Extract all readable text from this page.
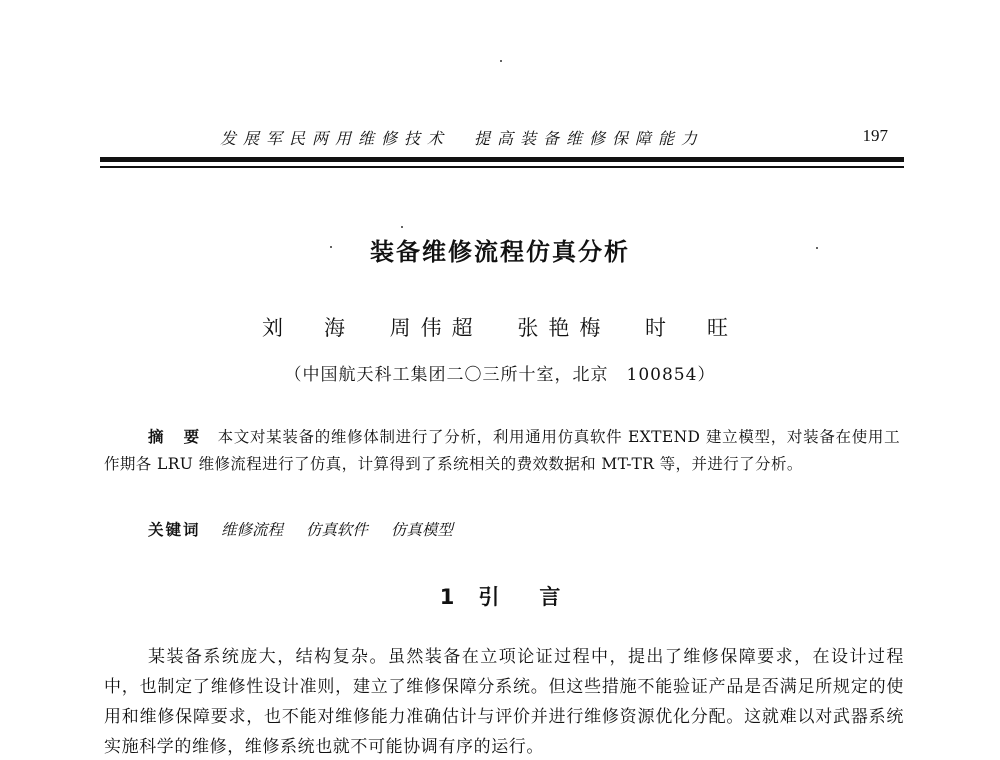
发展军民两用维修技术 提高装备维修保障能力	197
装备维修流程仿真分析
刘　海 周伟超 张艳梅 时　旺
（中国航天科工集团二〇三所十室，北京　100854）
摘　要　 本文对某装备的维修体制进行了分析，利用通用仿真软件 EXTEND 建立模型，对装备在使用工作期各 LRU 维修流程进行了仿真，计算得到了系统相关的费效数据和 MT-TR 等，并进行了分析。
关键词　 维修流程 仿真软件 仿真模型
1 引 言
某装备系统庞大，结构复杂。虽然装备在立项论证过程中，提出了维修保障要求，在设计过程中，也制定了维修性设计准则，建立了维修保障分系统。但这些措施不能验证产品是否满足所规定的使用和维修保障要求，也不能对维修能力准确估计与评价并进行维修资源优化分配。这就难以对武器系统实施科学的维修，维修系统也就不可能协调有序的运行。
